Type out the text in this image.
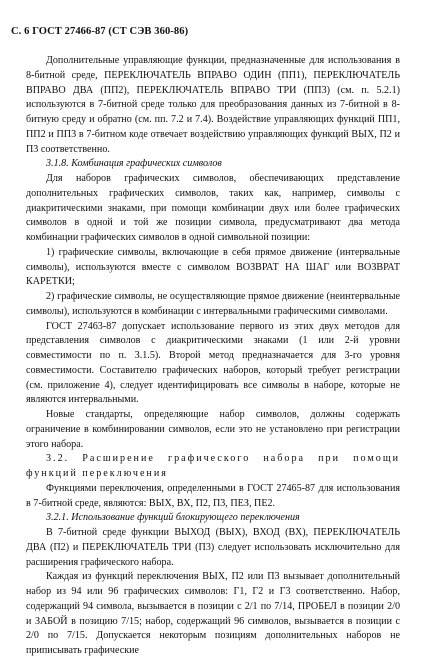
С. 6 ГОСТ 27466-87 (СТ СЭВ 360-86)

Дополнительные управляющие функции, предназначенные для использования в 8-битной среде, ПЕРЕКЛЮЧАТЕЛЬ ВПРАВО ОДИН (ПП1), ПЕРЕКЛЮЧАТЕЛЬ ВПРАВО ДВА (ПП2), ПЕРЕКЛЮЧАТЕЛЬ ВПРАВО ТРИ (ПП3) (см. п. 5.2.1) используются в 7-битной среде только для преобразования данных из 7-битной в 8-битную среду и обратно (см. пп. 7.2 и 7.4). Воздействие управляющих функций ПП1, ПП2 и ПП3 в 7-битном коде отвечает воздействию управляющих функций ВЫХ, П2 и П3 соответственно.

3.1.8. Комбинация графических символов

Для наборов графических символов, обеспечивающих представление дополнительных графических символов, таких как, например, символы с диакритическими знаками, при помощи комбинации двух или более графических символов в одной и той же позиции символа, предусматривают два метода комбинации графических символов в одной символьной позиции:

1) графические символы, включающие в себя прямое движение (интервальные символы), используются вместе с символом ВОЗВРАТ НА ШАГ или ВОЗВРАТ КАРЕТКИ;

2) графические символы, не осуществляющие прямое движение (неинтервальные символы), используются в комбинации с интервальными графическими символами.

ГОСТ 27463-87 допускает использование первого из этих двух методов для представления символов с диакритическими знаками (1 или 2-й уровни совместимости по п. 3.1.5). Второй метод предназначается для 3-го уровня совместимости. Составителю графических наборов, который требует регистрации (см. приложение 4), следует идентифицировать все символы в наборе, которые не являются интервальными.

Новые стандарты, определяющие набор символов, должны содержать ограничение в комбинировании символов, если это не установлено при регистрации этого набора.

3.2. Расширение графического набора при помощи функций переключения

Функциями переключения, определенными в ГОСТ 27465-87 для использования в 7-битной среде, являются: ВЫХ, ВХ, П2, П3, ПЕЗ, ПЕ2.

3.2.1. Использование функций блокирующего переключения

В 7-битной среде функции ВЫХОД (ВЫХ), ВХОД (ВХ), ПЕРЕКЛЮЧАТЕЛЬ ДВА (П2) и ПЕРЕКЛЮЧАТЕЛЬ ТРИ (П3) следует использовать исключительно для расширения графического набора.

Каждая из функций переключения ВЫХ, П2 или П3 вызывает дополнительный набор из 94 или 96 графических символов: Г1, Г2 и Г3 соответственно. Набор, содержащий 94 символа, вызывается в позиции с 2/1 по 7/14, ПРОБЕЛ в позиции 2/0 и ЗАБОЙ в позицию 7/15; набор, содержащий 96 символов, вызывается в позиции с 2/0 по 7/15. Допускается некоторым позициям дополнительных наборов не приписывать графические
